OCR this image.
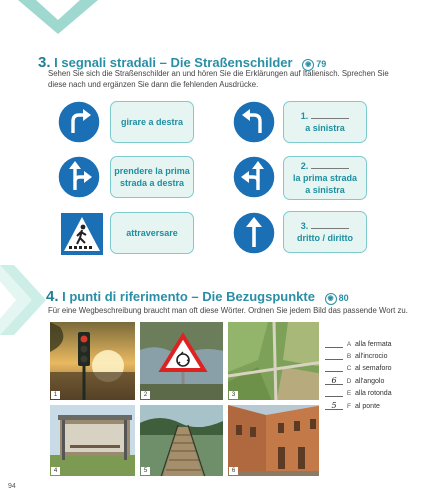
3. I segnali stradali – Die Straßenschilder ◉ 79
Sehen Sie sich die Straßenschilder an und hören Sie die Erklärungen auf Italienisch. Sprechen Sie diese nach und ergänzen Sie dann die fehlenden Ausdrücke.
girare a destra
1.
a sinistra
prendere la prima
strada a destra
2.
la prima strada
a sinistra
attraversare
3.
dritto / diritto
4. I punti di riferimento – Die Bezugspunkte ◉ 80
Für eine Wegbeschreibung braucht man oft diese Wörter. Ordnen Sie jedem Bild das passende Wort zu.
1	2	3
4	5	6
A alla fermata
B all'incrocio
C al semaforo
6	D all'angolo
E alla rotonda
5	F al ponte
94
